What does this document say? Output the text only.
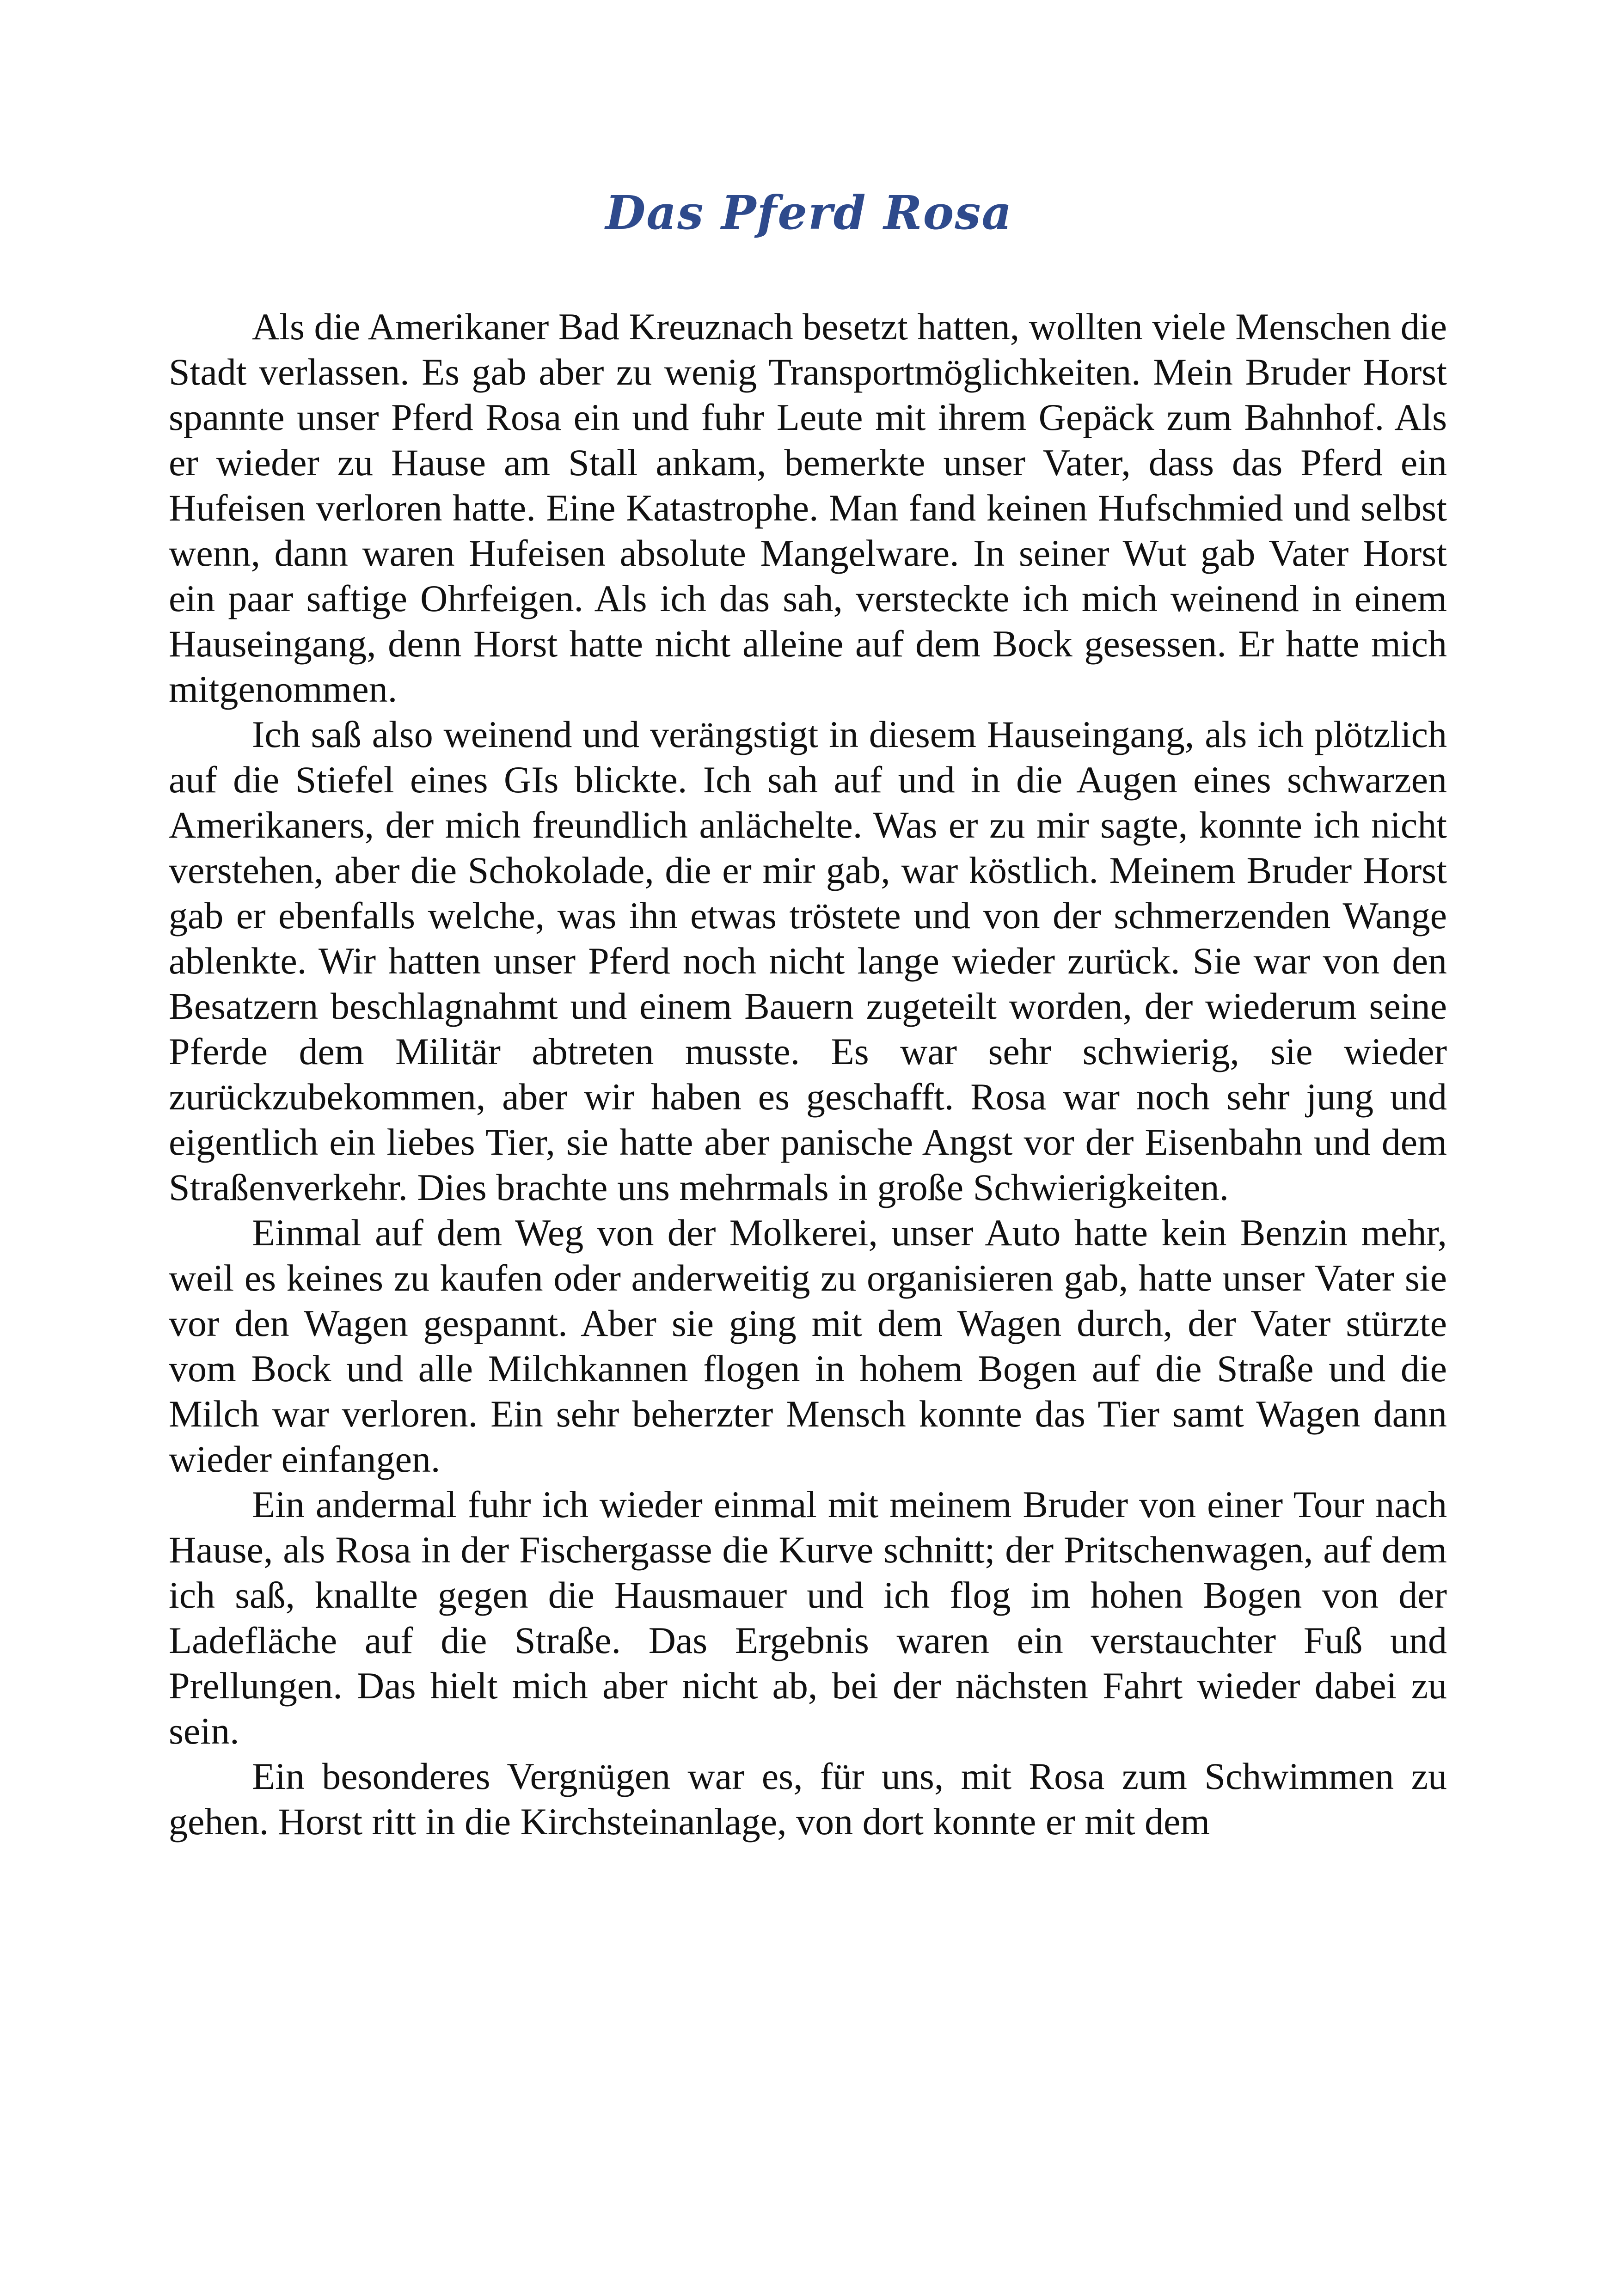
Das Pferd Rosa

Als die Amerikaner Bad Kreuznach besetzt hatten, wollten viele Menschen die Stadt verlassen. Es gab aber zu wenig Transportmöglichkeiten. Mein Bruder Horst spannte unser Pferd Rosa ein und fuhr Leute mit ihrem Gepäck zum Bahnhof. Als er wieder zu Hause am Stall ankam, bemerkte unser Vater, dass das Pferd ein Hufeisen verloren hatte. Eine Katastrophe. Man fand keinen Hufschmied und selbst wenn, dann waren Hufeisen absolute Mangelware. In seiner Wut gab Vater Horst ein paar saftige Ohrfeigen. Als ich das sah, versteckte ich mich weinend in einem Hauseingang, denn Horst hatte nicht alleine auf dem Bock gesessen. Er hatte mich mitgenommen.

Ich saß also weinend und verängstigt in diesem Hauseingang, als ich plötzlich auf die Stiefel eines GIs blickte. Ich sah auf und in die Augen eines schwarzen Amerikaners, der mich freundlich anlächelte. Was er zu mir sagte, konnte ich nicht verstehen, aber die Schokolade, die er mir gab, war köstlich. Meinem Bruder Horst gab er ebenfalls welche, was ihn etwas tröstete und von der schmerzenden Wange ablenkte. Wir hatten unser Pferd noch nicht lange wieder zurück. Sie war von den Besatzern beschlagnahmt und einem Bauern zugeteilt worden, der wiederum seine Pferde dem Militär abtreten musste. Es war sehr schwierig, sie wieder zurückzubekommen, aber wir haben es geschafft. Rosa war noch sehr jung und eigentlich ein liebes Tier, sie hatte aber panische Angst vor der Eisenbahn und dem Straßenverkehr. Dies brachte uns mehrmals in große Schwierigkeiten.

Einmal auf dem Weg von der Molkerei, unser Auto hatte kein Benzin mehr, weil es keines zu kaufen oder anderweitig zu organisieren gab, hatte unser Vater sie vor den Wagen gespannt. Aber sie ging mit dem Wagen durch, der Vater stürzte vom Bock und alle Milchkannen flogen in hohem Bogen auf die Straße und die Milch war verloren. Ein sehr beherzter Mensch konnte das Tier samt Wagen dann wieder einfangen.

Ein andermal fuhr ich wieder einmal mit meinem Bruder von einer Tour nach Hause, als Rosa in der Fischergasse die Kurve schnitt; der Pritschenwagen, auf dem ich saß, knallte gegen die Hausmauer und ich flog im hohen Bogen von der Ladefläche auf die Straße. Das Ergebnis waren ein verstauchter Fuß und Prellungen. Das hielt mich aber nicht ab, bei der nächsten Fahrt wieder dabei zu sein.

Ein besonderes Vergnügen war es, für uns, mit Rosa zum Schwimmen zu gehen. Horst ritt in die Kirchsteinanlage, von dort konnte er mit dem
